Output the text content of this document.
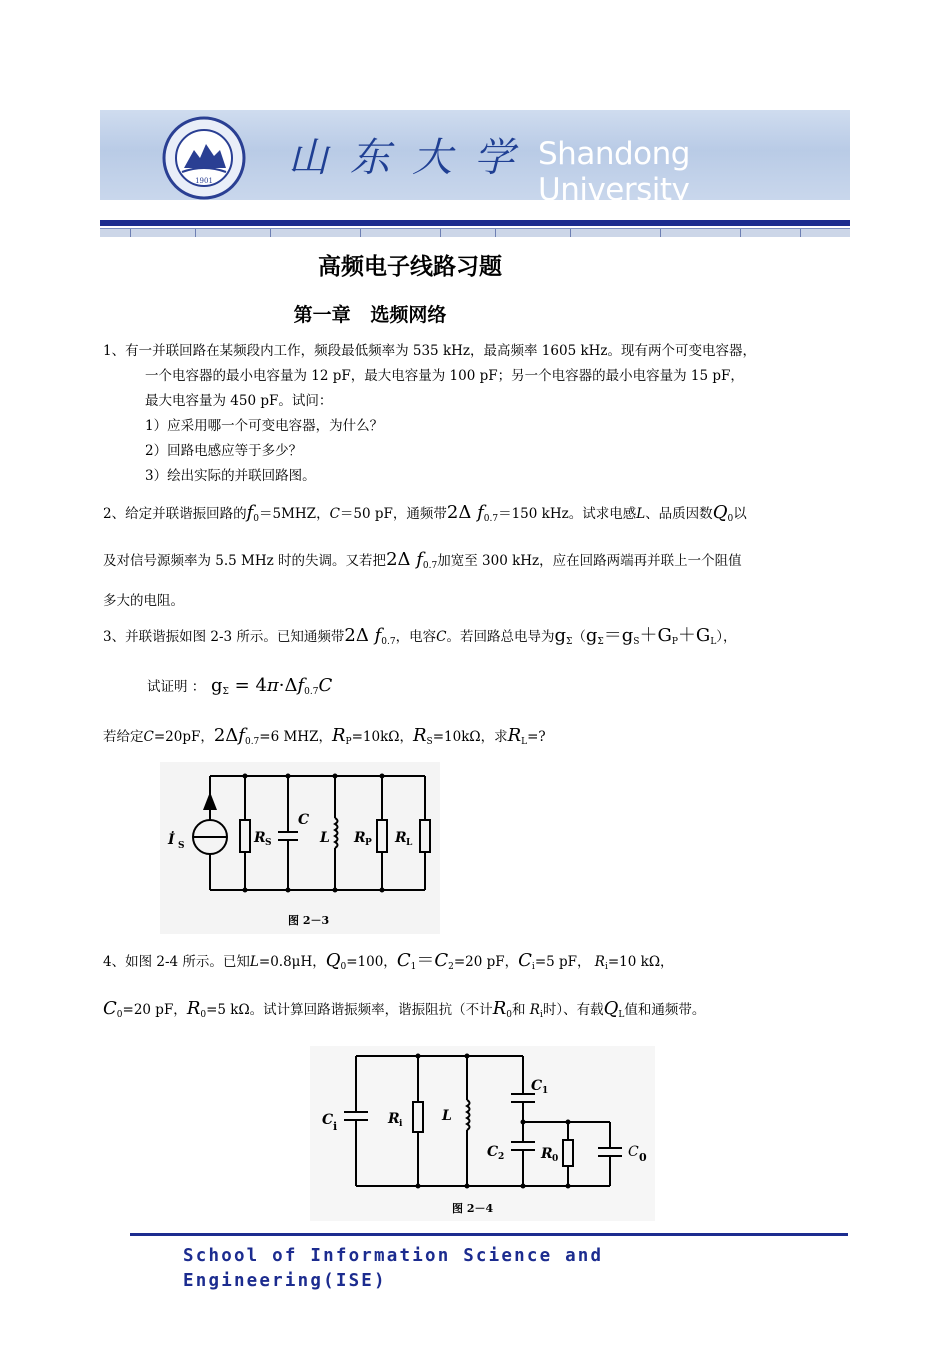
1901 山 东 大 学 Shandong University
高频电子线路习题
第一章   选频网络
1、有一并联回路在某频段内工作，频段最低频率为 535 kHz，最高频率 1605 kHz。现有两个可变电容器，
一个电容器的最小电容量为 12 pF，最大电容量为 100 pF；另一个电容器的最小电容量为 15 pF，
最大电容量为 450 pF。试问：
1）应采用哪一个可变电容器，为什么？
2）回路电感应等于多少？
3）绘出实际的并联回路图。
2、给定并联谐振回路的$f_0=5MHZ$，C＝50 pF，通频带2Δ $f_{0.7}=150$ kHz。试求电感L、品质因数$Q_0$以
及对信号源频率为 5.5 MHz 时的失调。又若把2Δ $f_{0.7}$加宽至 300 kHz，应在回路两端再并联上一个阻值
多大的电阻。
3、并联谐振如图 2-3 所示。已知通频带2Δ $f_{0.7}$，电容C。若回路总电导为$g_\Sigma(g_\Sigma=g_S+G_P+G_L)$，
试证明 ： $g_\Sigma = 4\pi\cdot\Delta f_{0.7}C$
若给定C=20pF，$2\Delta f_{0.7}=6$ MHZ，$R_P=10k\Omega$，$R_S=10k\Omega$，求$R_L=$?
İ S	R S
C
L R P R L
图 2－3
4、如图 2-4 所示。已知L=0.8μH，$Q_0=100$，$C_1=C_2=20$ pF，$C_i=5$ pF， $R_i=10$ kΩ，
$C_0=20$ pF，$R_0=5$ kΩ。试计算回路谐振频率，谐振阻抗（不计$R_0$和 $R_i$时）、有载$Q_L$值和通频带。
C i	R i	L
C 1
C 2	R 0	C 0
图 2－4
School of Information Science and
Engineering(ISE)
